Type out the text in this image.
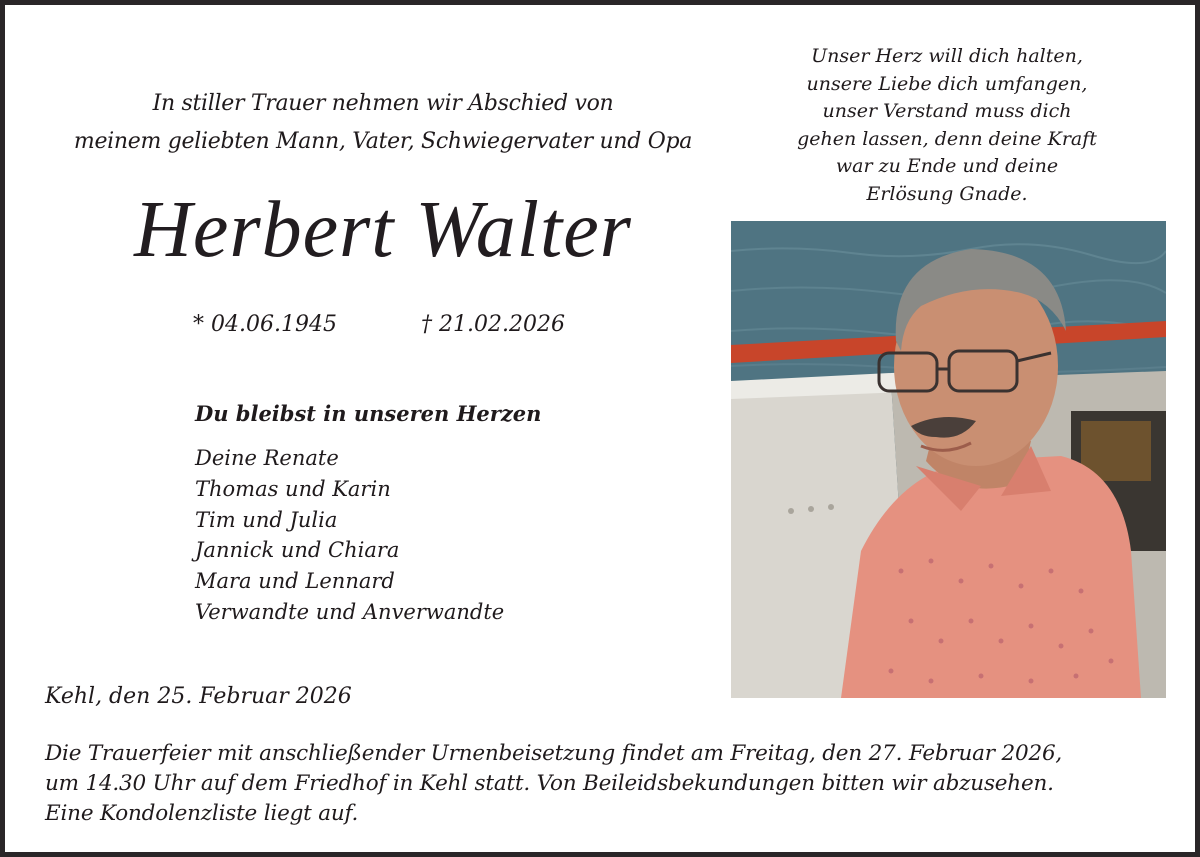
In stiller Trauer nehmen wir Abschied von
meinem geliebten Mann, Vater, Schwiegervater und Opa
Herbert Walter
* 04.06.1945	† 21.02.2026
Unser Herz will dich halten,
unsere Liebe dich umfangen,
unser Verstand muss dich
gehen lassen, denn deine Kraft
war zu Ende und deine
Erlösung Gnade.
Du bleibst in unseren Herzen
Deine Renate
Thomas und Karin
Tim und Julia
Jannick und Chiara
Mara und Lennard
Verwandte und Anverwandte
Kehl, den 25. Februar 2026
Die Trauerfeier mit anschließender Urnenbeisetzung findet am Freitag, den 27. Februar 2026,
um 14.30 Uhr auf dem Friedhof in Kehl statt. Von Beileidsbekundungen bitten wir abzusehen.
Eine Kondolenzliste liegt auf.
